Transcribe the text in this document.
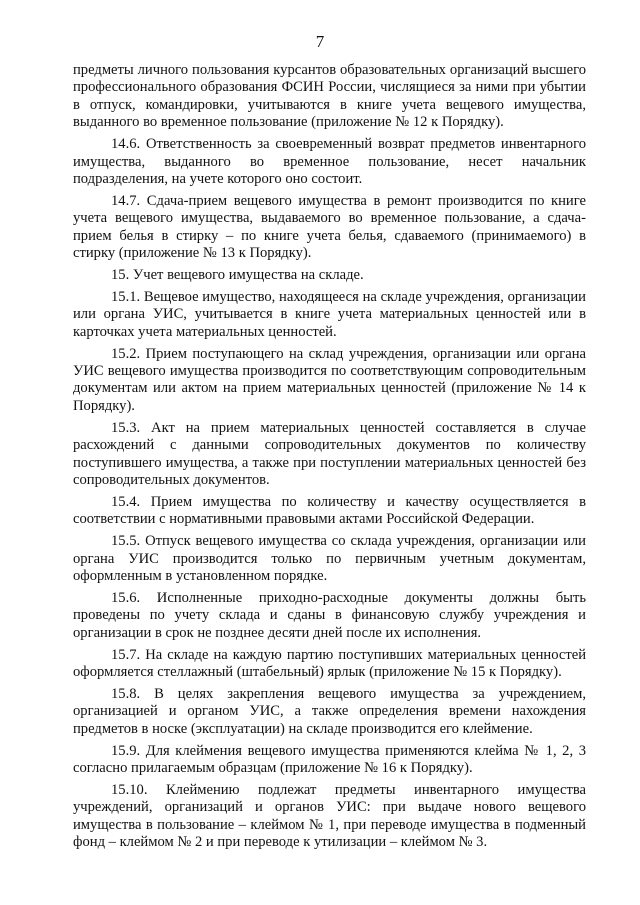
7

предметы личного пользования курсантов образовательных организаций высшего профессионального образования ФСИН России, числящиеся за ними при убытии в отпуск, командировки, учитываются в книге учета вещевого имущества, выданного во временное пользование (приложение № 12 к Порядку).

14.6. Ответственность за своевременный возврат предметов инвентарного имущества, выданного во временное пользование, несет начальник подразделения, на учете которого оно состоит.

14.7. Сдача-прием вещевого имущества в ремонт производится по книге учета вещевого имущества, выдаваемого во временное пользование, а сдача-прием белья в стирку – по книге учета белья, сдаваемого (принимаемого) в стирку (приложение № 13 к Порядку).

15. Учет вещевого имущества на складе.

15.1. Вещевое имущество, находящееся на складе учреждения, организации или органа УИС, учитывается в книге учета материальных ценностей или в карточках учета материальных ценностей.

15.2. Прием поступающего на склад учреждения, организации или органа УИС вещевого имущества производится по соответствующим сопроводительным документам или актом на прием материальных ценностей (приложение № 14 к Порядку).

15.3. Акт на прием материальных ценностей составляется в случае расхождений с данными сопроводительных документов по количеству поступившего имущества, а также при поступлении материальных ценностей без сопроводительных документов.

15.4. Прием имущества по количеству и качеству осуществляется в соответствии с нормативными правовыми актами Российской Федерации.

15.5. Отпуск вещевого имущества со склада учреждения, организации или органа УИС производится только по первичным учетным документам, оформленным в установленном порядке.

15.6. Исполненные приходно-расходные документы должны быть проведены по учету склада и сданы в финансовую службу учреждения и организации в срок не позднее десяти дней после их исполнения.

15.7. На складе на каждую партию поступивших материальных ценностей оформляется стеллажный (штабельный) ярлык (приложение № 15 к Порядку).

15.8. В целях закрепления вещевого имущества за учреждением, организацией и органом УИС, а также определения времени нахождения предметов в носке (эксплуатации) на складе производится его клеймение.

15.9. Для клеймения вещевого имущества применяются клейма № 1, 2, 3 согласно прилагаемым образцам (приложение № 16 к Порядку).

15.10. Клеймению подлежат предметы инвентарного имущества учреждений, организаций и органов УИС: при выдаче нового вещевого имущества в пользование – клеймом № 1, при переводе имущества в подменный фонд – клеймом № 2 и при переводе к утилизации – клеймом № 3.
